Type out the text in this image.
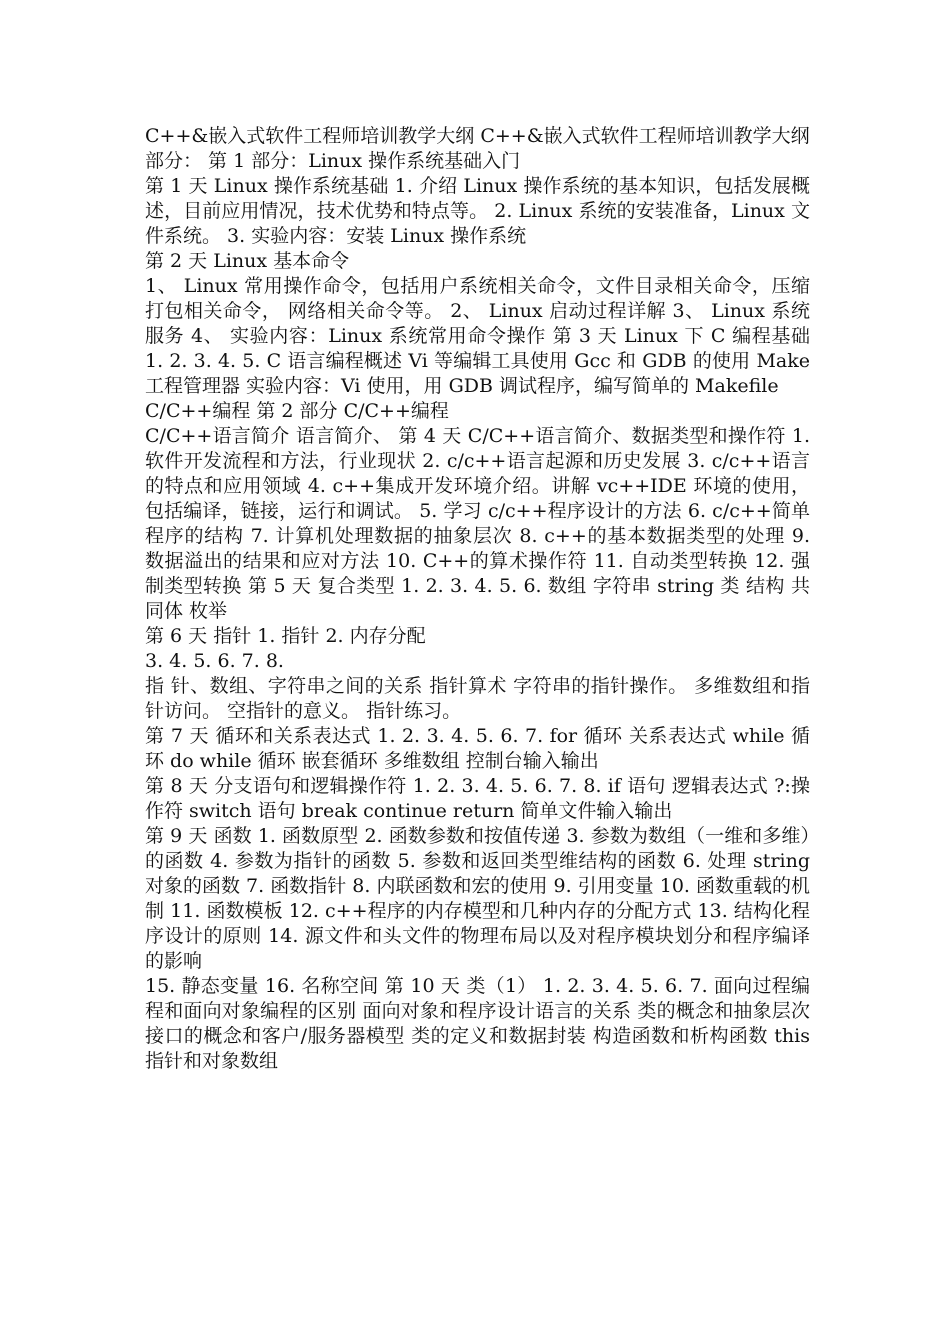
C++&嵌入式软件工程师培训教学大纲 C++&嵌入式软件工程师培训教学大纲

部分： 第 1 部分：Linux 操作系统基础入门

第 1 天 Linux 操作系统基础 1. 介绍 Linux 操作系统的基本知识，包括发展概述，目前应用情况，技术优势和特点等。 2. Linux 系统的安装准备，Linux 文件系统。 3. 实验内容：安装 Linux 操作系统

第 2 天 Linux 基本命令

1、 Linux 常用操作命令，包括用户系统相关命令，文件目录相关命令，压缩打包相关命令， 网络相关命令等。 2、 Linux 启动过程详解 3、 Linux 系统服务 4、 实验内容：Linux 系统常用命令操作 第 3 天 Linux 下 C 编程基础 1. 2. 3. 4. 5. C 语言编程概述 Vi 等编辑工具使用 Gcc 和 GDB 的使用 Make 工程管理器 实验内容：Vi 使用，用 GDB 调试程序，编写简单的 Makefile

C/C++编程 第 2 部分 C/C++编程

C/C++语言简介 语言简介、 第 4 天 C/C++语言简介、数据类型和操作符 1. 软件开发流程和方法，行业现状 2. c/c++语言起源和历史发展 3. c/c++语言的特点和应用领域 4. c++集成开发环境介绍。讲解 vc++IDE 环境的使用，包括编译，链接，运行和调试。 5. 学习 c/c++程序设计的方法 6. c/c++简单程序的结构 7. 计算机处理数据的抽象层次 8. c++的基本数据类型的处理 9. 数据溢出的结果和应对方法 10. C++的算术操作符 11. 自动类型转换 12. 强制类型转换 第 5 天 复合类型 1. 2. 3. 4. 5. 6. 数组 字符串 string 类 结构 共同体 枚举

第 6 天 指针 1. 指针 2. 内存分配

3. 4. 5. 6. 7. 8.

指 针、数组、字符串之间的关系 指针算术 字符串的指针操作。 多维数组和指针访问。 空指针的意义。 指针练习。

第 7 天 循环和关系表达式 1. 2. 3. 4. 5. 6. 7. for 循环 关系表达式 while 循环 do while 循环 嵌套循环 多维数组 控制台输入输出

第 8 天 分支语句和逻辑操作符 1. 2. 3. 4. 5. 6. 7. 8. if 语句 逻辑表达式 ?:操作符 switch 语句 break continue return 简单文件输入输出

第 9 天 函数 1. 函数原型 2. 函数参数和按值传递 3. 参数为数组（一维和多维）的函数 4. 参数为指针的函数 5. 参数和返回类型维结构的函数 6. 处理 string 对象的函数 7. 函数指针 8. 内联函数和宏的使用 9. 引用变量 10. 函数重载的机制 11. 函数模板 12. c++程序的内存模型和几种内存的分配方式 13. 结构化程序设计的原则 14. 源文件和头文件的物理布局以及对程序模块划分和程序编译的影响

15. 静态变量 16. 名称空间 第 10 天 类（1） 1. 2. 3. 4. 5. 6. 7. 面向过程编程和面向对象编程的区别 面向对象和程序设计语言的关系 类的概念和抽象层次 接口的概念和客户/服务器模型 类的定义和数据封装 构造函数和析构函数 this 指针和对象数组
